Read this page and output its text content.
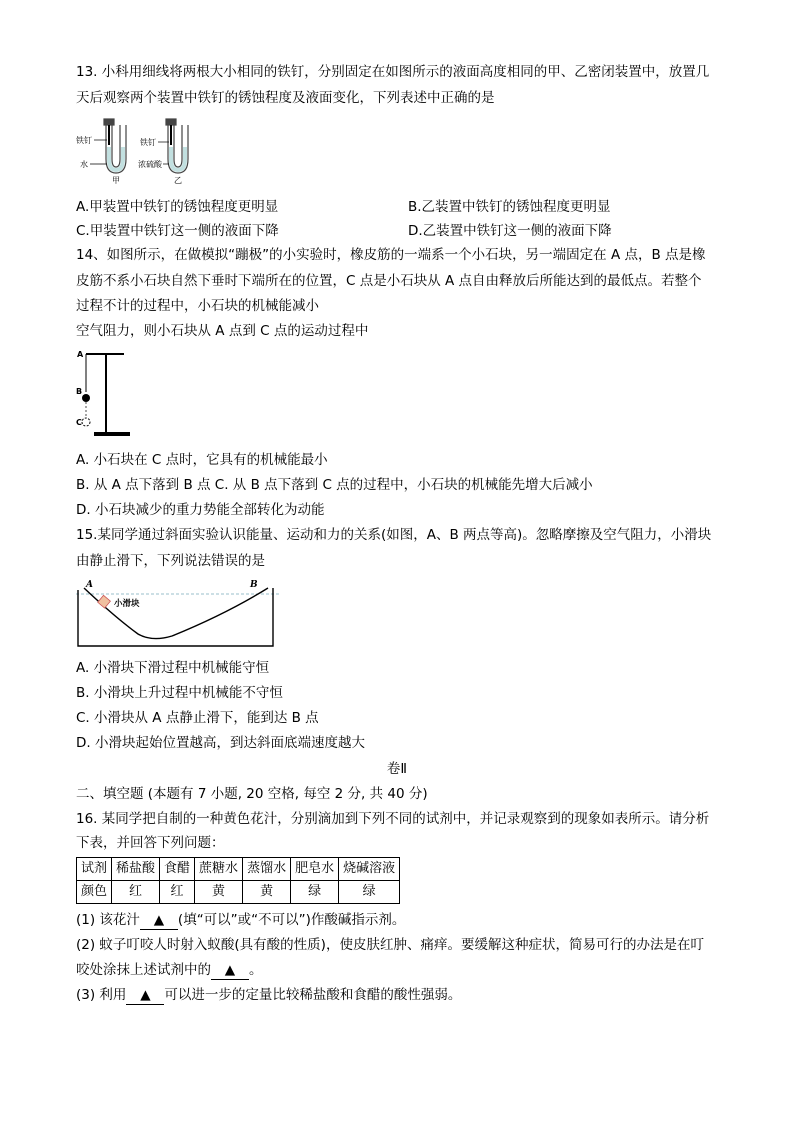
13. 小科用细线将两根大小相同的铁钉，分别固定在如图所示的液面高度相同的甲、乙密闭装置中，放置几
天后观察两个装置中铁钉的锈蚀程度及液面变化，下列表述中正确的是
铁钉
水
甲
铁钉
浓硫酸
乙
A.甲装置中铁钉的锈蚀程度更明显	B.乙装置中铁钉的锈蚀程度更明显
C.甲装置中铁钉这一侧的液面下降	D.乙装置中铁钉这一侧的液面下降
14、如图所示，在做模拟“蹦极”的小实验时，橡皮筋的一端系一个小石块，另一端固定在 A 点，B 点是橡
皮筋不系小石块自然下垂时下端所在的位置，C 点是小石块从 A 点自由释放后所能达到的最低点。若整个
过程不计的过程中，小石块的机械能减小
空气阻力，则小石块从 A 点到 C 点的运动过程中
A
B
C
A. 小石块在 C 点时，它具有的机械能最小
B. 从 A 点下落到 B 点 C. 从 B 点下落到 C 点的过程中，小石块的机械能先增大后减小
D. 小石块减少的重力势能全部转化为动能
15.某同学通过斜面实验认识能量、运动和力的关系(如图，A、B 两点等高)。忽略摩擦及空气阻力，小滑块
由静止滑下，下列说法错误的是
A	B
小滑块
A. 小滑块下滑过程中机械能守恒
B. 小滑块上升过程中机械能不守恒
C. 小滑块从 A 点静止滑下，能到达 B 点
D. 小滑块起始位置越高，到达斜面底端速度越大
卷Ⅱ
二、填空题 (本题有 7 小题, 20 空格, 每空 2 分, 共 40 分)
16. 某同学把自制的一种黄色花汁，分别滴加到下列不同的试剂中，并记录观察到的现象如表所示。请分析
下表，并回答下列问题：
试剂	稀盐酸	食醋	蔗糖水	蒸馏水	肥皂水	烧碱溶液
颜色	红	红	黄	黄	绿	绿
(1) 该花汁 ▲ (填“可以”或“不可以”)作酸碱指示剂。
(2) 蚊子叮咬人时射入蚁酸(具有酸的性质)，使皮肤红肿、痛痒。要缓解这种症状，简易可行的办法是在叮
咬处涂抹上述试剂中的 ▲ 。
(3) 利用 ▲ 可以进一步的定量比较稀盐酸和食醋的酸性强弱。
